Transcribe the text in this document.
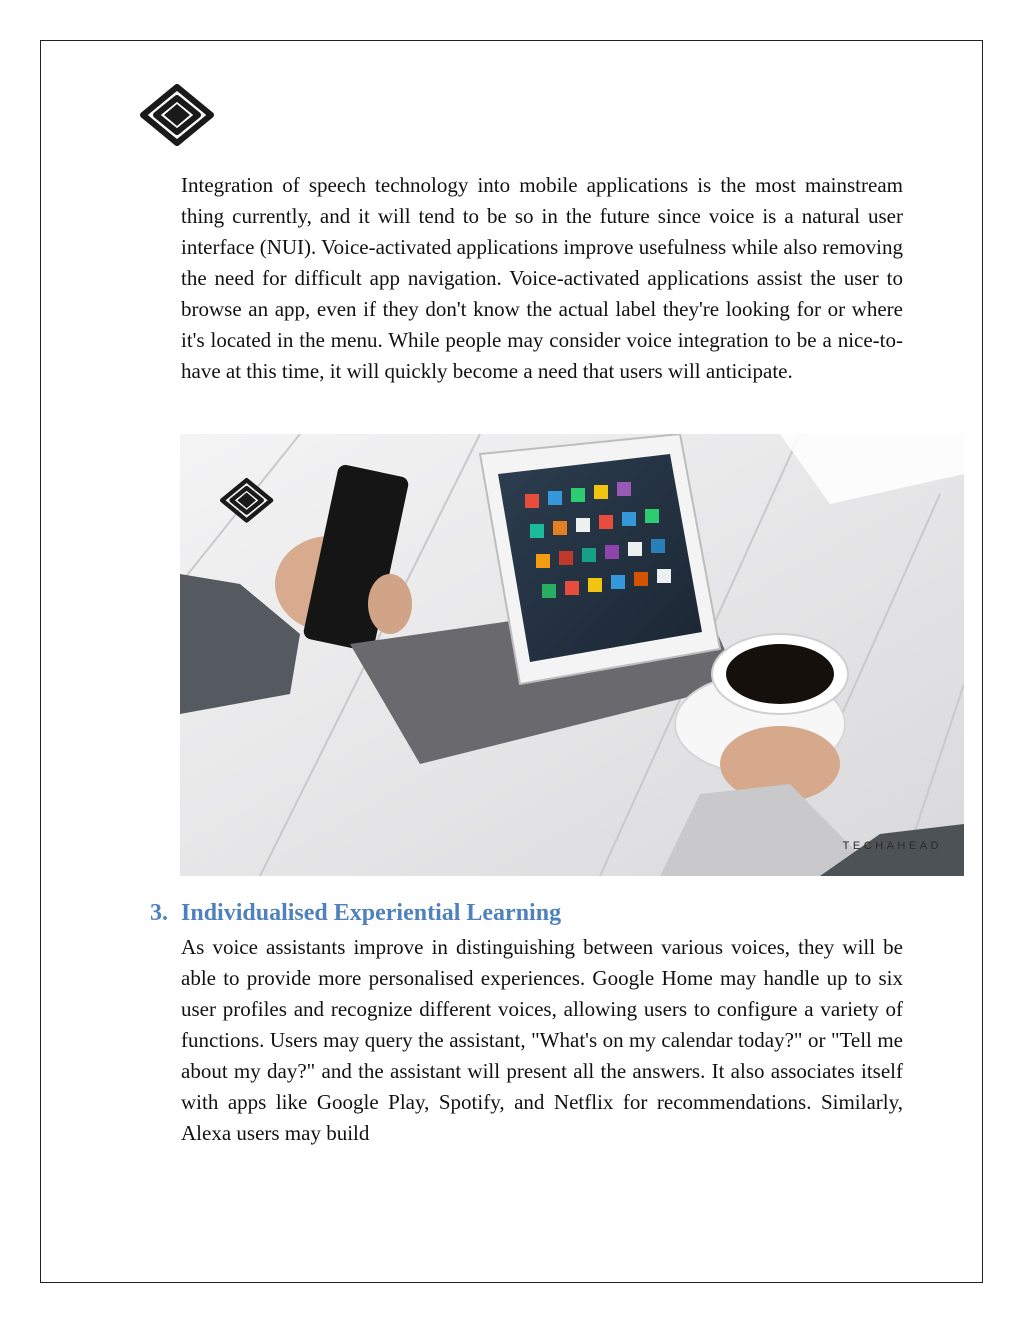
Integration of speech technology into mobile applications is the most mainstream thing currently, and it will tend to be so in the future since voice is a natural user interface (NUI). Voice-activated applications improve usefulness while also removing the need for difficult app navigation. Voice-activated applications assist the user to browse an app, even if they don't know the actual label they're looking for or where it's located in the menu. While people may consider voice integration to be a nice-to-have at this time, it will quickly become a need that users will anticipate.

TECHAHEAD
3. Individualised Experiential Learning

As voice assistants improve in distinguishing between various voices, they will be able to provide more personalised experiences. Google Home may handle up to six user profiles and recognize different voices, allowing users to configure a variety of functions. Users may query the assistant, "What's on my calendar today?" or "Tell me about my day?" and the assistant will present all the answers. It also associates itself with apps like Google Play, Spotify, and Netflix for recommendations. Similarly, Alexa users may build
